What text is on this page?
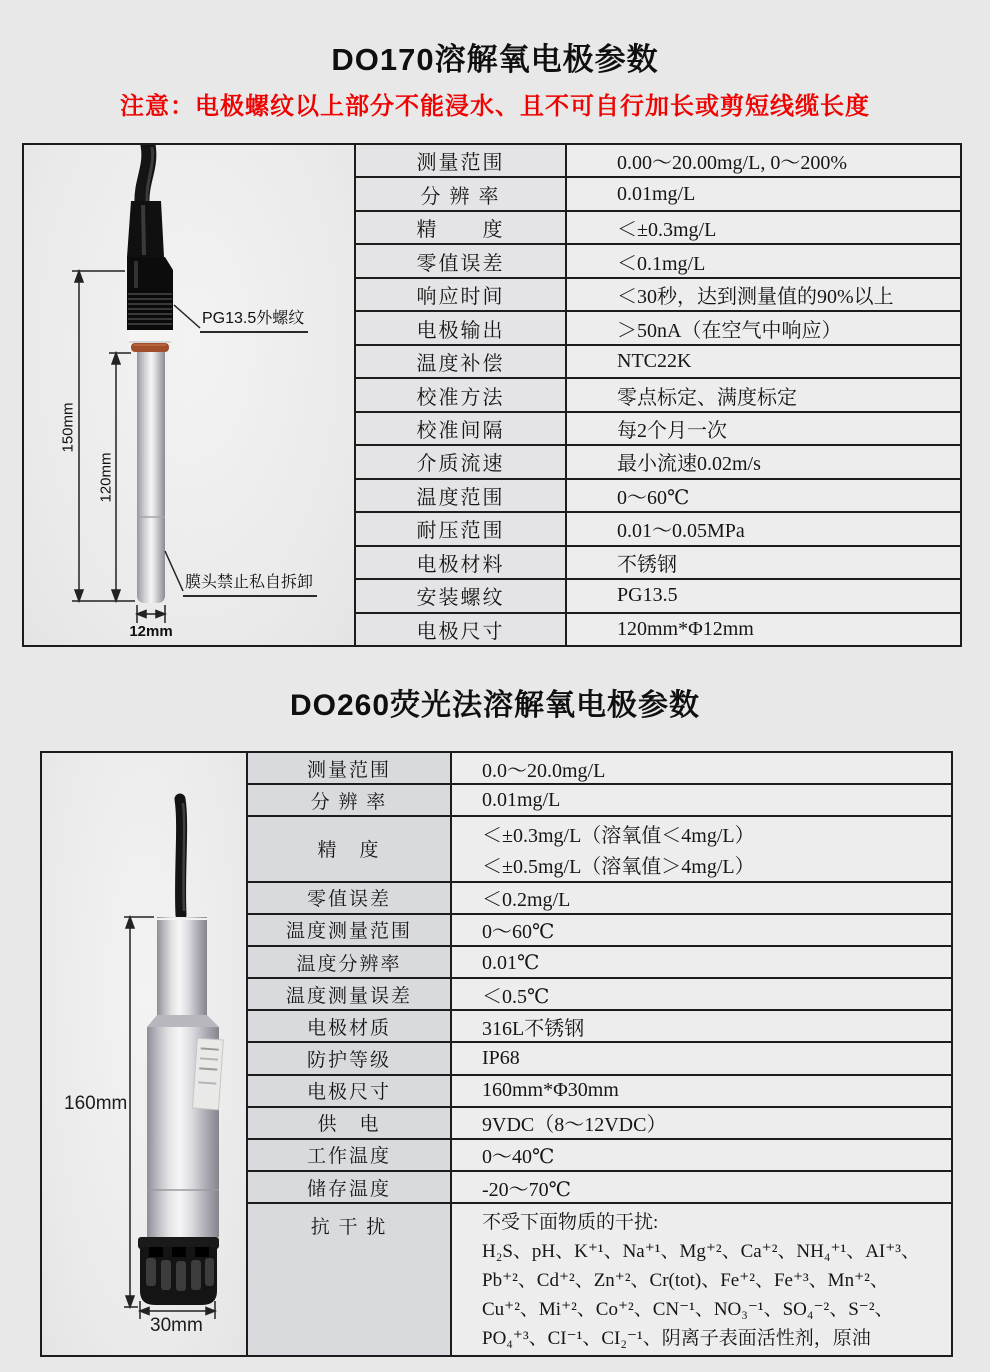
DO170溶解氧电极参数
注意：电极螺纹以上部分不能浸水、且不可自行加长或剪短线缆长度
150mm
120mm
12mm
PG13.5外螺纹
膜头禁止私自拆卸
测量范围	0.00～20.00mg/L, 0～200%
分 辨 率	0.01mg/L
精　　度	＜±0.3mg/L
零值误差	＜0.1mg/L
响应时间	＜30秒，达到测量值的90%以上
电极输出	＞50nA（在空气中响应）
温度补偿	NTC22K
校准方法	零点标定、满度标定
校准间隔	每2个月一次
介质流速	最小流速0.02m/s
温度范围	0～60℃
耐压范围	0.01～0.05MPa
电极材料	不锈钢
安装螺纹	PG13.5
电极尺寸	120mm*Φ12mm
DO260荧光法溶解氧电极参数
160mm
30mm
测量范围	0.0～20.0mg/L
分 辨 率	0.01mg/L
精　度
＜±0.3mg/L（溶氧值＜4mg/L）
＜±0.5mg/L（溶氧值＞4mg/L）
零值误差	＜0.2mg/L
温度测量范围	0～60℃
温度分辨率	0.01℃
温度测量误差	＜0.5℃
电极材质	316L不锈钢
防护等级	IP68
电极尺寸	160mm*Φ30mm
供　电	9VDC（8～12VDC）
工作温度	0～40℃
储存温度	-20～70℃
抗 干 扰	不受下面物质的干扰:
H₂S、pH、K⁺¹、Na⁺¹、Mg⁺²、Ca⁺²、NH₄⁺¹、AI⁺³、
Pb⁺²、Cd⁺²、Zn⁺²、Cr(tot)、Fe⁺²、Fe⁺³、Mn⁺²、
Cu⁺²、Mi⁺²、Co⁺²、CN⁻¹、NO₃⁻¹、SO₄⁻²、S⁻²、
PO₄⁺³、CI⁻¹、CI₂⁻¹、阴离子表面活性剂，原油
